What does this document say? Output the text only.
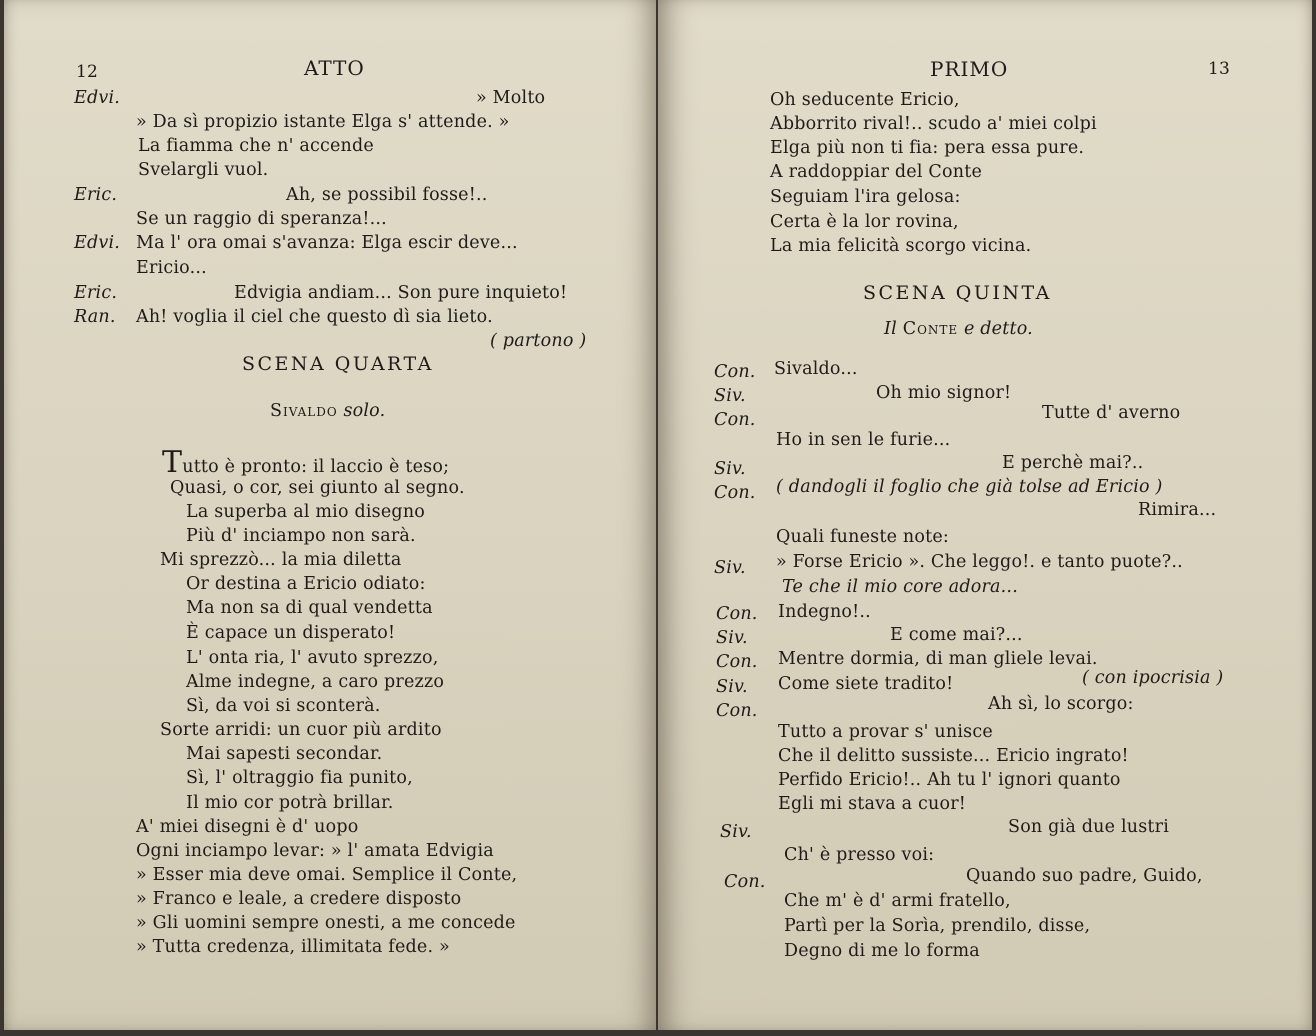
12	ATTO
Edvi.	» Molto
» Da sì propizio istante Elga s' attende. »
La fiamma che n' accende
Svelargli vuol.
Eric.	Ah, se possibil fosse!..
Se un raggio di speranza!...
Edvi. Ma l' ora omai s'avanza: Elga escir deve...
Ericio...
Eric.	Edvigia andiam... Son pure inquieto!
Ran. Ah! voglia il ciel che questo dì sia lieto.
( partono )
SCENA QUARTA
Sivaldo solo.
Tutto è pronto: il laccio è teso;
Quasi, o cor, sei giunto al segno.
La superba al mio disegno
Più d' inciampo non sarà.
Mi sprezzò... la mia diletta
Or destina a Ericio odiato:
Ma non sa di qual vendetta
È capace un disperato!
L' onta ria, l' avuto sprezzo,
Alme indegne, a caro prezzo
Sì, da voi si sconterà.
Sorte arridi: un cuor più ardito
Mai sapesti secondar.
Sì, l' oltraggio fia punito,
Il mio cor potrà brillar.
A' miei disegni è d' uopo
Ogni inciampo levar: » l' amata Edvigia
» Esser mia deve omai. Semplice il Conte,
» Franco e leale, a credere disposto
» Gli uomini sempre onesti, a me concede
» Tutta credenza, illimitata fede. »
PRIMO	13
Oh seducente Ericio,
Abborrito rival!.. scudo a' miei colpi
Elga più non ti fia: pera essa pure.
A raddoppiar del Conte
Seguiam l'ira gelosa:
Certa è la lor rovina,
La mia felicità scorgo vicina.
SCENA QUINTA
Il Conte e detto.
Con. Sivaldo...
Siv.	Oh mio signor!
Con.	Tutte d' averno
Ho in sen le furie...
Siv.	E perchè mai?..
Con. ( dandogli il foglio che già tolse ad Ericio )
Rimira...
Quali funeste note:
Siv. » Forse Ericio ». Che leggo!. e tanto puote?..
Te che il mio core adora...
Con. Indegno!..
Siv.	E come mai?...
Con. Mentre dormia, di man gliele levai.
Siv. Come siete tradito!	( con ipocrisia )
Con.	Ah sì, lo scorgo:
Tutto a provar s' unisce
Che il delitto sussiste... Ericio ingrato!
Perfido Ericio!.. Ah tu l' ignori quanto
Egli mi stava a cuor!
Siv.	Son già due lustri
Ch' è presso voi:
Con.	Quando suo padre, Guido,
Che m' è d' armi fratello,
Partì per la Sorìa, prendilo, disse,
Degno di me lo forma
